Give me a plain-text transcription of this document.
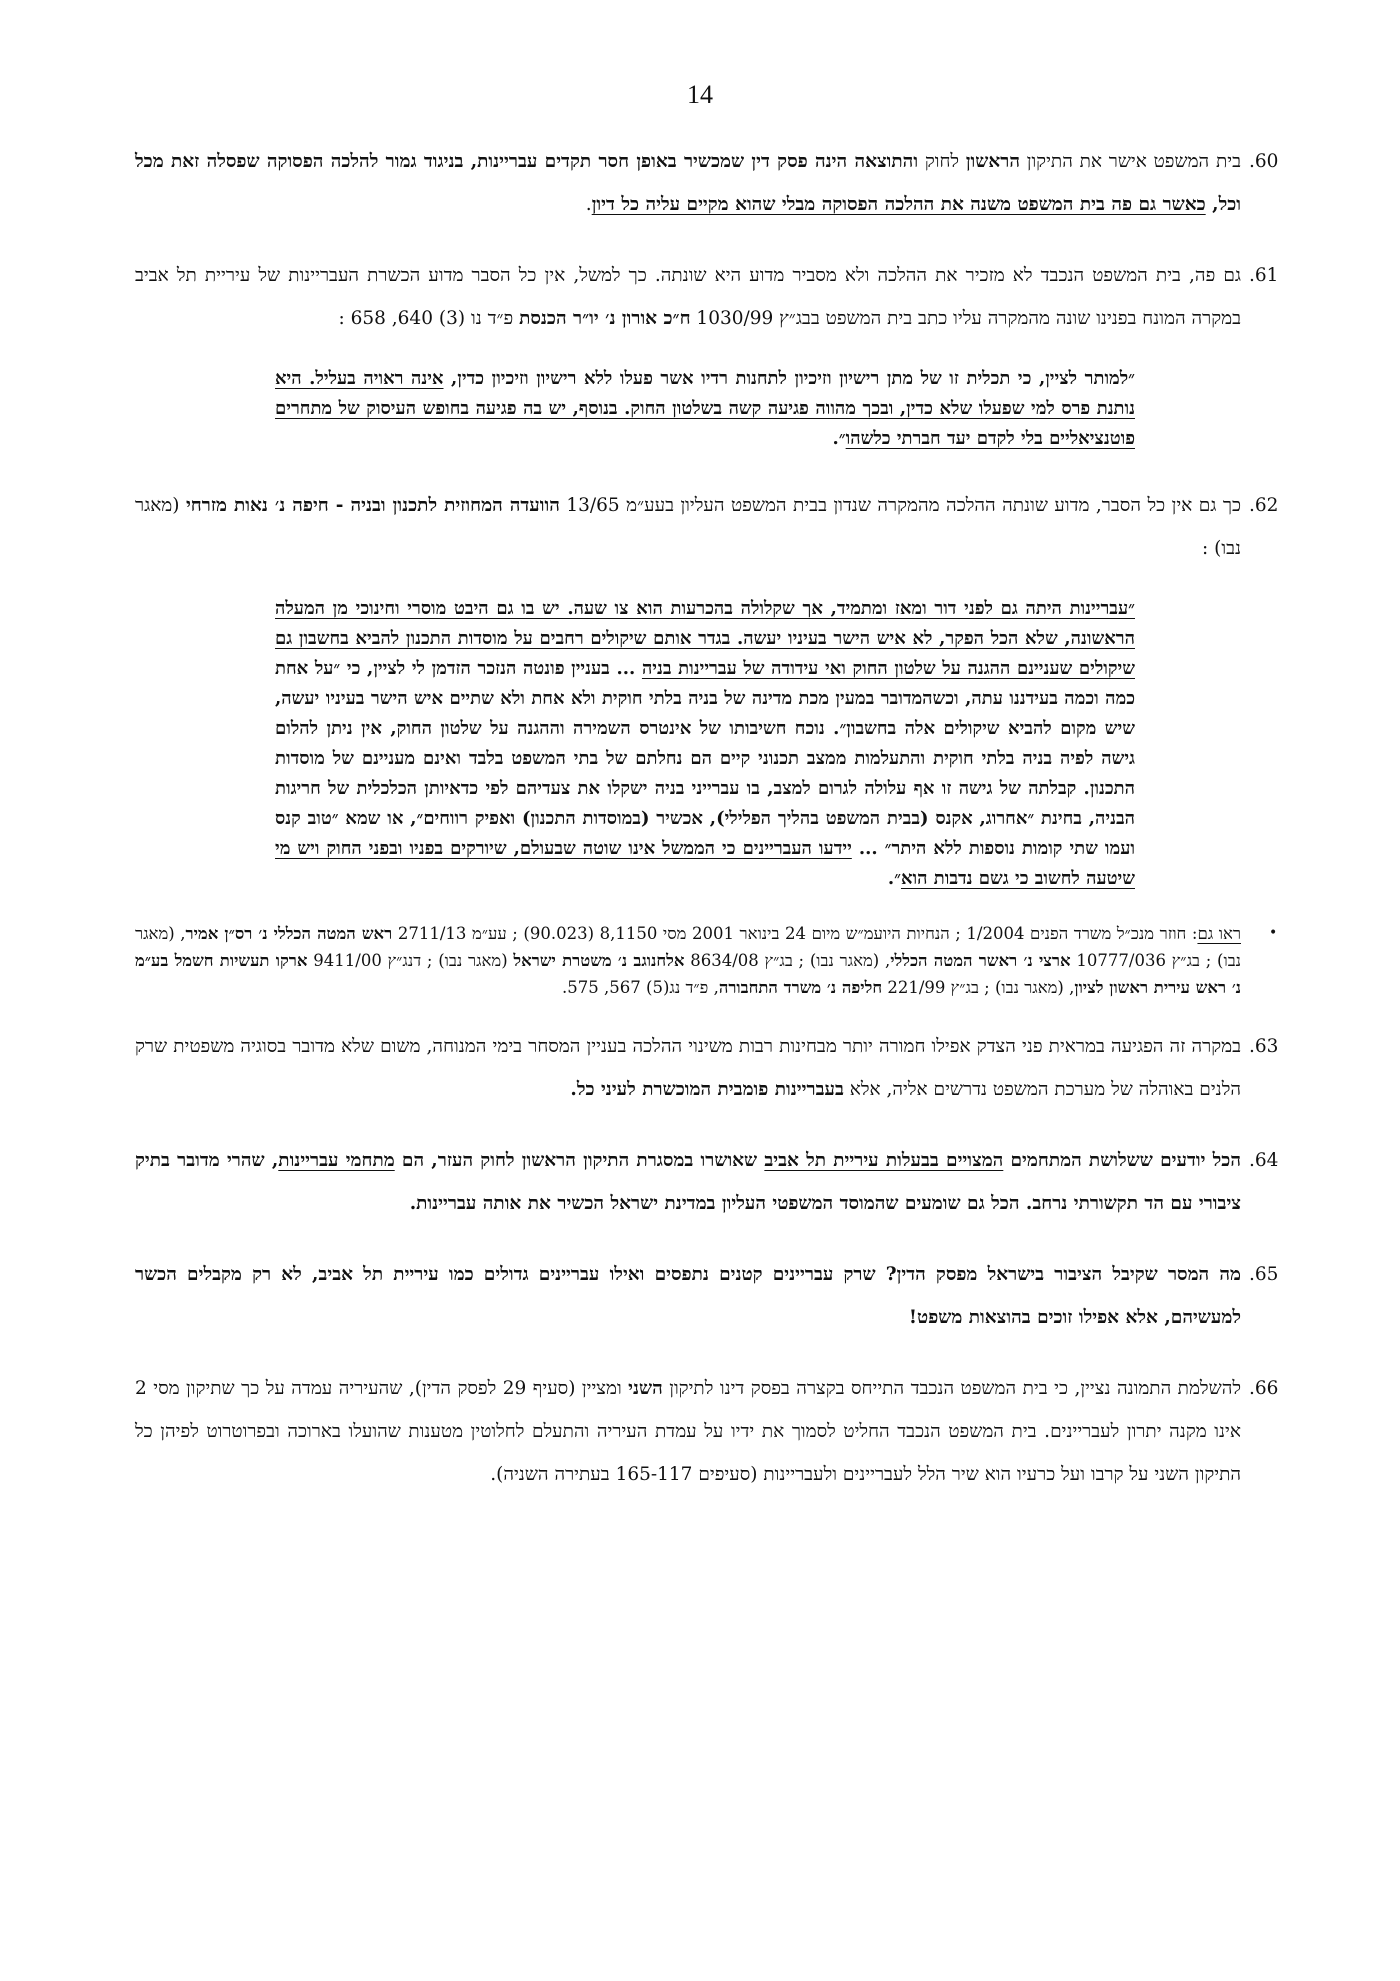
14

.60
בית המשפט אישר את התיקון הראשון לחוק והתוצאה הינה פסק דין שמכשיר באופן חסר תקדים עבריינות, בניגוד גמור להלכה הפסוקה שפסלה זאת מכל וכל, כאשר גם פה בית המשפט משנה את ההלכה הפסוקה מבלי שהוא מקיים עליה כל דיון.

.61
גם פה, בית המשפט הנכבד לא מזכיר את ההלכה ולא מסביר מדוע היא שונתה. כך למשל, אין כל הסבר מדוע הכשרת העבריינות של עיריית תל אביב במקרה המונח בפנינו שונה מהמקרה עליו כתב בית המשפט בבג״ץ 1030/99 ח״כ אורון נ׳ יו״ר הכנסת פ״ד נו (3) 640, 658 :

״למותר לציין, כי תכלית זו של מתן רישיון וזיכיון לתחנות רדיו אשר פעלו ללא רישיון וזיכיון כדין, אינה ראויה בעליל. היא נותנת פרס למי שפעלו שלא כדין, ובכך מהווה פגיעה קשה בשלטון החוק. בנוסף, יש בה פגיעה בחופש העיסוק של מתחרים פוטנציאליים בלי לקדם יעד חברתי כלשהו״.

.62
כך גם אין כל הסבר, מדוע שונתה ההלכה מהמקרה שנדון בבית המשפט העליון בעע״מ 13/65 הוועדה המחוזית לתכנון ובניה - חיפה נ׳ נאות מזרחי (מאגר נבו) :

״עבריינות היתה גם לפני דור ומאז ומתמיד, אך שקלולה בהכרעות הוא צו שעה. יש בו גם היבט מוסרי וחינוכי מן המעלה הראשונה, שלא הכל הפקר, לא איש הישר בעיניו יעשה. בגדר אותם שיקולים רחבים על מוסדות התכנון להביא בחשבון גם שיקולים שעניינם ההגנה על שלטון החוק ואי עידודה של עבריינות בניה ... בעניין פונטה הנזכר הזדמן לי לציין, כי ״על אחת כמה וכמה בעידננו עתה, וכשהמדובר במעין מכת מדינה של בניה בלתי חוקית ולא אחת ולא שתיים איש הישר בעיניו יעשה, שיש מקום להביא שיקולים אלה בחשבון״. נוכח חשיבותו של אינטרס השמירה וההגנה על שלטון החוק, אין ניתן להלום גישה לפיה בניה בלתי חוקית והתעלמות ממצב תכנוני קיים הם נחלתם של בתי המשפט בלבד ואינם מעניינם של מוסדות התכנון. קבלתה של גישה זו אף עלולה לגרום למצב, בו עברייני בניה ישקלו את צעדיהם לפי כדאיותן הכלכלית של חריגות הבניה, בחינת ״אחרוג, אקנס (בבית המשפט בהליך הפלילי), אכשיר (במוסדות התכנון) ואפיק רווחים״, או שמא ״טוב קנס ועמו שתי קומות נוספות ללא היתר״ ... יידעו העבריינים כי הממשל אינו שוטה שבעולם, שיורקים בפניו ובפני החוק ויש מי שיטעה לחשוב כי גשם נדבות הוא״.

•
ראו גם: חוזר מנכ״ל משרד הפנים 1/2004 ; הנחיות היועמ״ש מיום 24 בינואר 2001 מסי 8,1150 (90.023) ; עע״מ 2711/13 ראש המטה הכללי נ׳ רס״ן אמיר, (מאגר נבו) ; בג״ץ 10777/036 ארצי נ׳ ראשר המטה הכללי, (מאגר נבו) ; בג״ץ 8634/08 אלחנוגב נ׳ משטרת ישראל (מאגר נבו) ; דנג״ץ 9411/00 ארקו תעשיות חשמל בע״מ נ׳ ראש עירית ראשון לציון, (מאגר נבו) ; בג״ץ 221/99 חליפה נ׳ משרד התחבורה, פ״ד נג(5) 567, 575.

.63
במקרה זה הפגיעה במראית פני הצדק אפילו חמורה יותר מבחינות רבות משינוי ההלכה בעניין המסחר בימי המנוחה, משום שלא מדובר בסוגיה משפטית שרק הלנים באוהלה של מערכת המשפט נדרשים אליה, אלא בעבריינות פומבית המוכשרת לעיני כל.

.64
הכל יודעים ששלושת המתחמים המצויים בבעלות עיריית תל אביב שאושרו במסגרת התיקון הראשון לחוק העזר, הם מתחמי עבריינות, שהרי מדובר בתיק ציבורי עם הד תקשורתי נרחב. הכל גם שומעים שהמוסד המשפטי העליון במדינת ישראל הכשיר את אותה עבריינות.

.65
מה המסר שקיבל הציבור בישראל מפסק הדין? שרק עבריינים קטנים נתפסים ואילו עבריינים גדולים כמו עיריית תל אביב, לא רק מקבלים הכשר למעשיהם, אלא אפילו זוכים בהוצאות משפט!

.66
להשלמת התמונה נציין, כי בית המשפט הנכבד התייחס בקצרה בפסק דינו לתיקון השני ומציין (סעיף 29 לפסק הדין), שהעיריה עמדה על כך שתיקון מסי 2 אינו מקנה יתרון לעבריינים. בית המשפט הנכבד החליט לסמוך את ידיו על עמדת העיריה והתעלם לחלוטין מטענות שהועלו בארוכה ובפרוטרוט לפיהן כל התיקון השני על קרבו ועל כרעיו הוא שיר הלל לעבריינים ולעבריינות (סעיפים 165-117 בעתירה השניה).
